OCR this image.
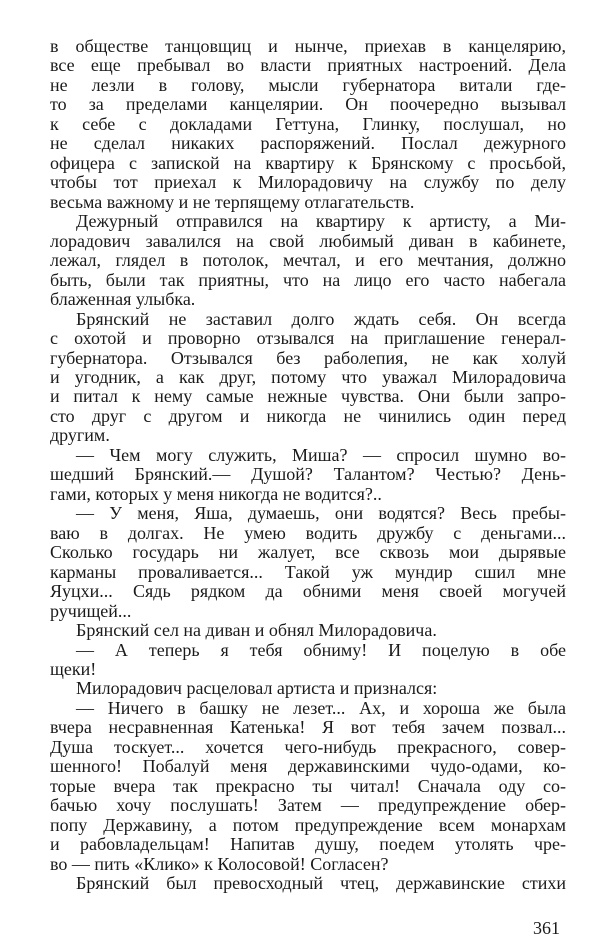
в обществе танцовщиц и нынче, приехав в канцелярию,
все еще пребывал во власти приятных настроений. Дела
не лезли в голову, мысли губернатора витали где-
то за пределами канцелярии. Он поочередно вызывал
к себе с докладами Геттуна, Глинку, послушал, но
не сделал никаких распоряжений. Послал дежурного
офицера с запиской на квартиру к Брянскому с просьбой,
чтобы тот приехал к Милорадовичу на службу по делу
весьма важному и не терпящему отлагательств.
Дежурный отправился на квартиру к артисту, а Ми-
лорадович завалился на свой любимый диван в кабинете,
лежал, глядел в потолок, мечтал, и его мечтания, должно
быть, были так приятны, что на лицо его часто набегала
блаженная улыбка.
Брянский не заставил долго ждать себя. Он всегда
с охотой и проворно отзывался на приглашение генерал-
губернатора. Отзывался без раболепия, не как холуй
и угодник, а как друг, потому что уважал Милорадовича
и питал к нему самые нежные чувства. Они были запро-
сто друг с другом и никогда не чинились один перед
другим.
— Чем могу служить, Миша? — спросил шумно во-
шедший Брянский.— Душой? Талантом? Честью? День-
гами, которых у меня никогда не водится?..
— У меня, Яша, думаешь, они водятся? Весь пребы-
ваю в долгах. Не умею водить дружбу с деньгами...
Сколько государь ни жалует, все сквозь мои дырявые
карманы проваливается... Такой уж мундир сшил мне
Яуцхи... Сядь рядком да обними меня своей могучей
ручищей...
Брянский сел на диван и обнял Милорадовича.
— А теперь я тебя обниму! И поцелую в обе
щеки!
Милорадович расцеловал артиста и признался:
— Ничего в башку не лезет... Ах, и хороша же была
вчера несравненная Катенька! Я вот тебя зачем позвал...
Душа тоскует... хочется чего-нибудь прекрасного, совер-
шенного! Побалуй меня державинскими чудо-одами, ко-
торые вчера так прекрасно ты читал! Сначала оду со-
бачью хочу послушать! Затем — предупреждение обер-
попу Державину, а потом предупреждение всем монархам
и рабовладельцам! Напитав душу, поедем утолять чре-
во — пить «Клико» к Колосовой! Согласен?
Брянский был превосходный чтец, державинские стихи
361
